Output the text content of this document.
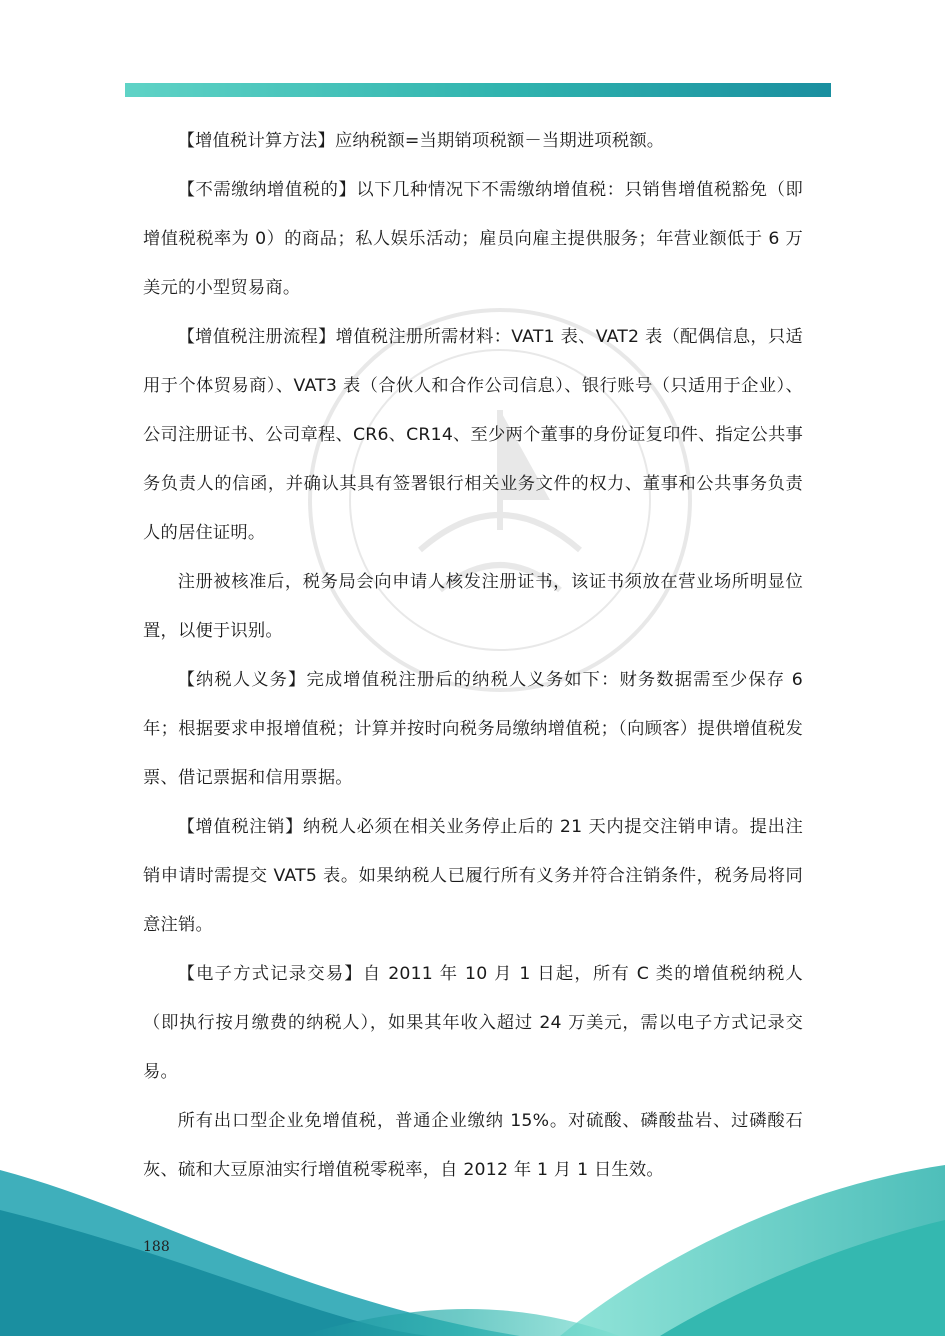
【增值税计算方法】应纳税额=当期销项税额－当期进项税额。

【不需缴纳增值税的】以下几种情况下不需缴纳增值税：只销售增值税豁免（即增值税税率为 0）的商品；私人娱乐活动；雇员向雇主提供服务；年营业额低于 6 万美元的小型贸易商。

【增值税注册流程】增值税注册所需材料：VAT1 表、VAT2 表（配偶信息，只适用于个体贸易商）、VAT3 表（合伙人和合作公司信息）、银行账号（只适用于企业）、公司注册证书、公司章程、CR6、CR14、至少两个董事的身份证复印件、指定公共事务负责人的信函，并确认其具有签署银行相关业务文件的权力、董事和公共事务负责人的居住证明。

注册被核准后，税务局会向申请人核发注册证书，该证书须放在营业场所明显位置，以便于识别。

【纳税人义务】完成增值税注册后的纳税人义务如下：财务数据需至少保存 6 年；根据要求申报增值税；计算并按时向税务局缴纳增值税；（向顾客）提供增值税发票、借记票据和信用票据。

【增值税注销】纳税人必须在相关业务停止后的 21 天内提交注销申请。提出注销申请时需提交 VAT5 表。如果纳税人已履行所有义务并符合注销条件，税务局将同意注销。

【电子方式记录交易】自 2011 年 10 月 1 日起，所有 C 类的增值税纳税人（即执行按月缴费的纳税人），如果其年收入超过 24 万美元，需以电子方式记录交易。

所有出口型企业免增值税，普通企业缴纳 15%。对硫酸、磷酸盐岩、过磷酸石灰、硫和大豆原油实行增值税零税率，自 2012 年 1 月 1 日生效。

188
